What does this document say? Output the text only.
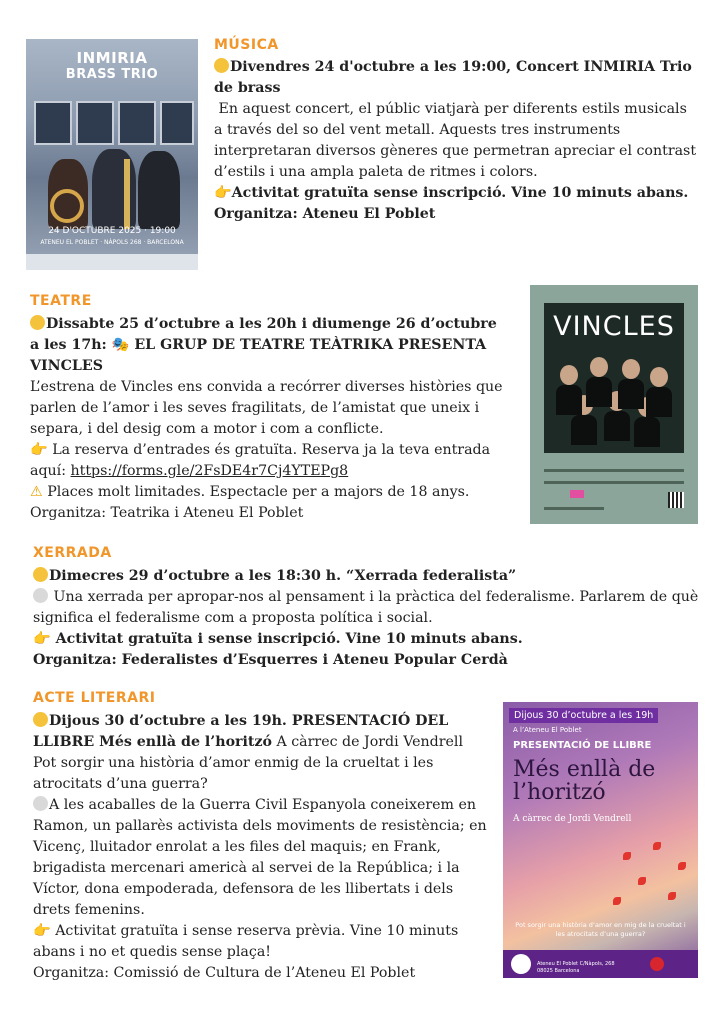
INMIRIA
BRASS TRIO
24 D'OCTUBRE 2025 · 19:00
ATENEU EL POBLET · NÀPOLS 268 · BARCELONA
MÚSICA

Divendres 24 d'octubre a les 19:00, Concert INMIRIA Trio de brass

En aquest concert, el públic viatjarà per diferents estils musicals a través del so del vent metall. Aquests tres instruments interpretaran diversos gèneres que permetran apreciar el contrast d’estils i una ampla paleta de ritmes i colors.

👉Activitat gratuïta sense inscripció. Vine 10 minuts abans.

Organitza: Ateneu El Poblet

TEATRE

Dissabte 25 d’octubre a les 20h i diumenge 26 d’octubre a les 17h: 🎭 EL GRUP DE TEATRE TEÀTRIKA PRESENTA VINCLES

L’estrena de Vincles ens convida a recórrer diverses històries que parlen de l’amor i les seves fragilitats, de l’amistat que uneix i separa, i del desig com a motor i com a conflicte.

👉 La reserva d’entrades és gratuïta. Reserva ja la teva entrada aquí: https://forms.gle/2FsDE4r7Cj4YTEPg8

⚠ Places molt limitades. Espectacle per a majors de 18 anys.

Organitza: Teatrika i Ateneu El Poblet

VINCLES
XERRADA

Dimecres 29 d’octubre a les 18:30 h. “Xerrada federalista”

Una xerrada per apropar-nos al pensament i la pràctica del federalisme. Parlarem de què significa el federalisme com a proposta política i social.

👉 Activitat gratuïta i sense inscripció. Vine 10 minuts abans.

Organitza: Federalistes d’Esquerres i Ateneu Popular Cerdà

ACTE LITERARI

Dijous 30 d’octubre a les 19h. PRESENTACIÓ DEL LLIBRE Més enllà de l’horitzó A càrrec de Jordi Vendrell

Pot sorgir una història d’amor enmig de la crueltat i les atrocitats d’una guerra?

A les acaballes de la Guerra Civil Espanyola coneixerem en Ramon, un pallarès activista dels moviments de resistència; en Vicenç, lluitador enrolat a les files del maquis; en Frank, brigadista mercenari americà al servei de la República; i la Víctor, dona empoderada, defensora de les llibertats i dels drets femenins.

👉 Activitat gratuïta i sense reserva prèvia. Vine 10 minuts abans i no et quedis sense plaça!

Organitza: Comissió de Cultura de l’Ateneu El Poblet

Dijous 30 d’octubre a les 19h
A l’Ateneu El Poblet
PRESENTACIÓ DE LLIBRE
Més enllà de l’horitzó
A càrrec de Jordi Vendrell
Pot sorgir una història d’amor en mig de la crueltat i les atrocitats d’una guerra?
Ateneu El Poblet C/Nàpols, 268 08025 Barcelona
